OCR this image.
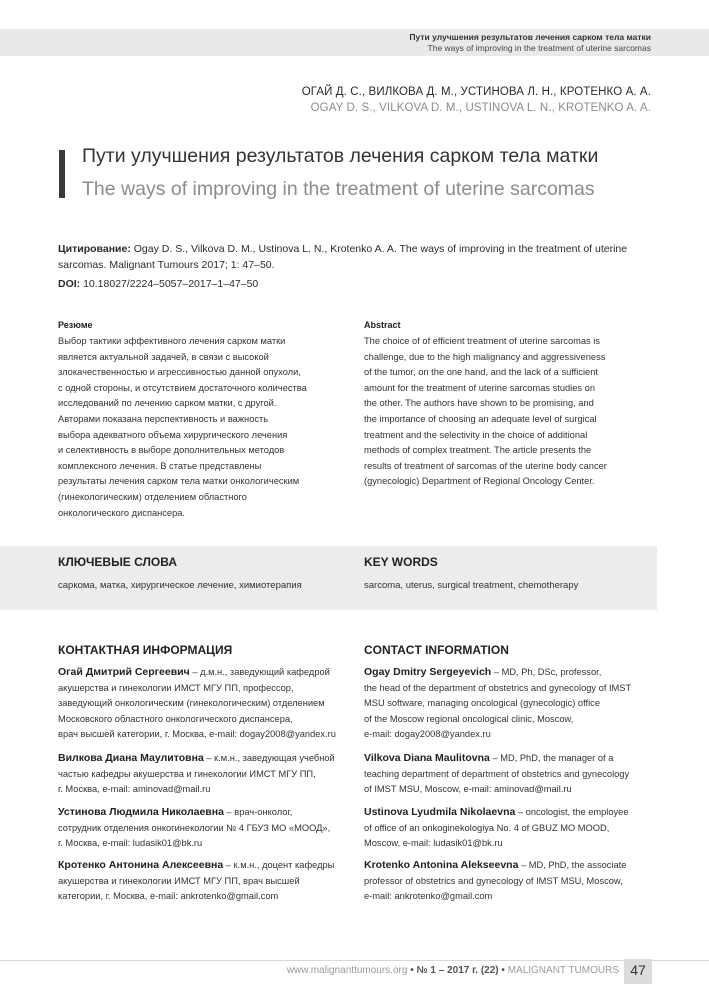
Пути улучшения результатов лечения сарком тела матки
The ways of improving in the treatment of uterine sarcomas
ОГАЙ Д. С., ВИЛКОВА Д. М., УСТИНОВА Л. Н., КРОТЕНКО А. А.
OGAY D. S., VILKOVA D. M., USTINOVA L. N., KROTENKO A. A.
Пути улучшения результатов лечения сарком тела матки
The ways of improving in the treatment of uterine sarcomas
Цитирование: Ogay D. S., Vilkova D. M., Ustinova L. N., Krotenko A. A. The ways of improving in the treatment of uterine sarcomas. Malignant Tumours 2017; 1: 47–50.
DOI: 10.18027/2224–5057–2017–1–47–50
Резюме
Выбор тактики эффективного лечения сарком матки
является актуальной задачей, в связи с высокой
злокачественностью и агрессивностью данной опухоли,
с одной стороны, и отсутствием достаточного количества
исследований по лечению сарком матки, с другой.
Авторами показана перспективность и важность
выбора адекватного объема хирургического лечения
и селективность в выборе дополнительных методов
комплексного лечения. В статье представлены
результаты лечения сарком тела матки онкологическим
(гинекологическим) отделением областного
онкологического диспансера.
Abstract
The choice of of efficient treatment of uterine sarcomas is
challenge, due to the high malignancy and aggressiveness
of the tumor, on the one hand, and the lack of a sufficient
amount for the treatment of uterine sarcomas studies on
the other. The authors have shown to be promising, and
the importance of choosing an adequate level of surgical
treatment and the selectivity in the choice of additional
methods of complex treatment. The article presents the
results of treatment of sarcomas of the uterine body cancer
(gynecologic) Department of Regional Oncology Center.
КЛЮЧЕВЫЕ СЛОВА
саркома, матка, хирургическое лечение, химиотерапия
KEY WORDS
sarcoma, uterus, surgical treatment, chemotherapy
КОНТАКТНАЯ ИНФОРМАЦИЯ	CONTACT INFORMATION
Огай Дмитрий Сергеевич – д.м.н., заведующий кафедрой
акушерства и гинекологии ИМСТ МГУ ПП, профессор,
заведующий онкологическим (гинекологическим) отделением
Московского областного онкологического диспансера,
врач высшей категории, г. Москва, e-mail: dogay2008@yandex.ru
Вилкова Диана Маулитовна – к.м.н., заведующая учебной
частью кафедры акушерства и гинекологии ИМСТ МГУ ПП,
г. Москва, e-mail: aminovad@mail.ru
Устинова Людмила Николаевна – врач-онколог,
сотрудник отделения онкогинекологии № 4 ГБУЗ МО «МООД»,
г. Москва, e-mail: ludasik01@bk.ru
Кротенко Антонина Алексеевна – к.м.н., доцент кафедры
акушерства и гинекологии ИМСТ МГУ ПП, врач высшей
категории, г. Москва, e-mail: ankrotenko@gmail.com
Ogay Dmitry Sergeyevich – MD, Ph, DSc, professor,
the head of the department of obstetrics and gynecology of IMST
MSU software, managing oncological (gynecologic) office
of the Moscow regional oncological clinic, Moscow,
e-mail: dogay2008@yandex.ru
Vilkova Diana Maulitovna – MD, PhD, the manager of a
teaching department of department of obstetrics and gynecology
of IMST MSU, Moscow, e-mail: aminovad@mail.ru
Ustinova Lyudmila Nikolaevna – oncologist, the employee
of office of an onkoginekologiya No. 4 of GBUZ MO MOOD,
Moscow, e-mail: ludasik01@bk.ru
Krotenko Antonina Alekseevna – MD, PhD, the associate
professor of obstetrics and gynecology of IMST MSU, Moscow,
e-mail: ankrotenko@gmail.com
www.malignanttumours.org • № 1 – 2017 г. (22) • MALIGNANT TUMOURS 47
